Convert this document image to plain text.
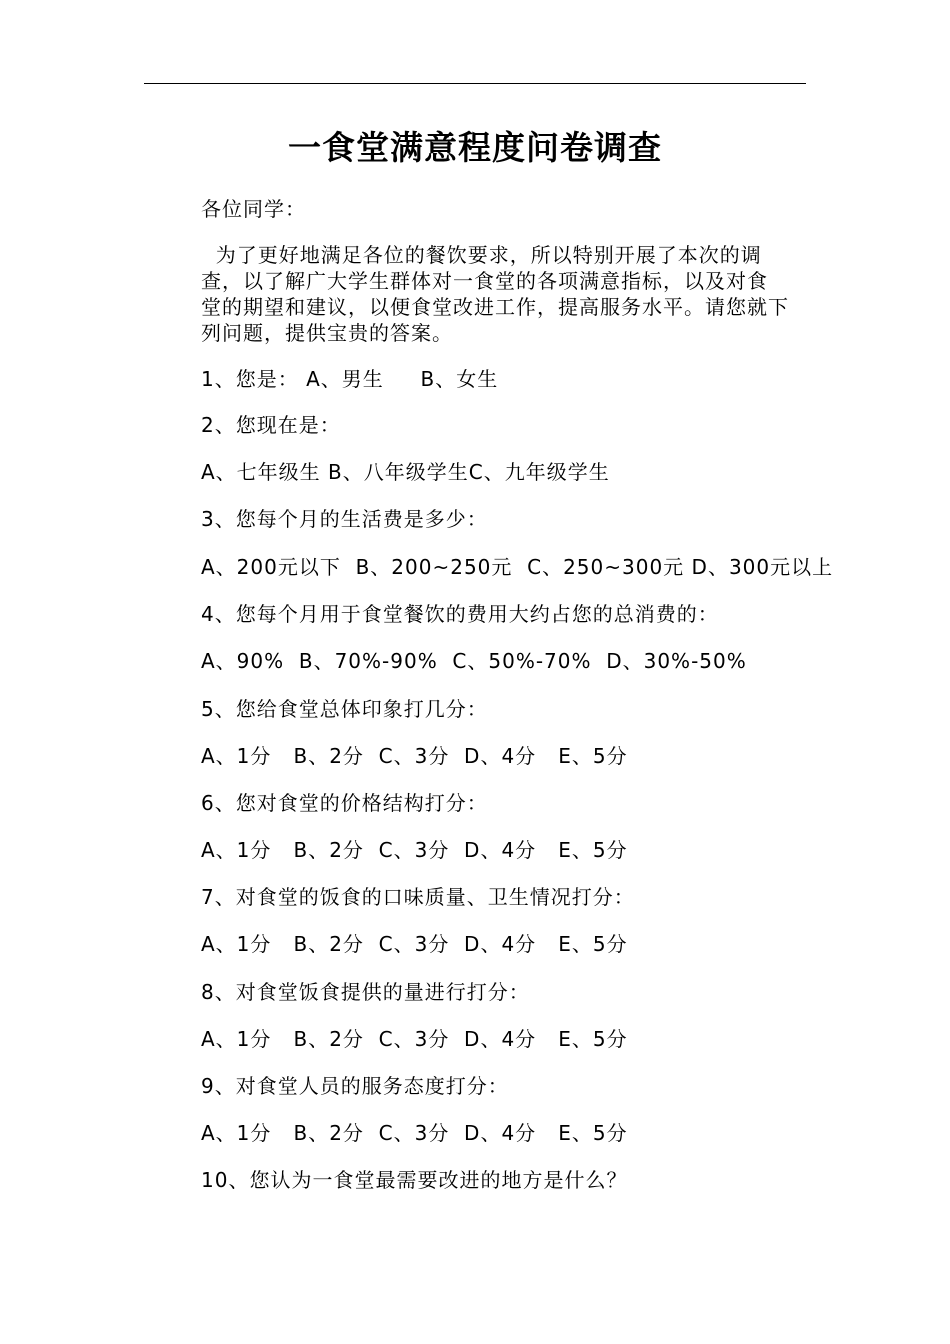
一食堂满意程度问卷调查
各位同学：
为了更好地满足各位的餐饮要求，所以特别开展了本次的调
查，以了解广大学生群体对一食堂的各项满意指标，以及对食
堂的期望和建议，以便食堂改进工作，提高服务水平。请您就下
列问题，提供宝贵的答案。
1、您是： A、男生     B、女生
2、您现在是：
A、七年级生 B、八年级学生C、九年级学生
3、您每个月的生活费是多少：
A、200元以下  B、200~250元  C、250~300元 D、300元以上
4、您每个月用于食堂餐饮的费用大约占您的总消费的：
A、90%  B、70%-90%  C、50%-70%  D、30%-50%
5、您给食堂总体印象打几分：
A、1分   B、2分  C、3分  D、4分   E、5分
6、您对食堂的价格结构打分：
A、1分   B、2分  C、3分  D、4分   E、5分
7、对食堂的饭食的口味质量、卫生情况打分：
A、1分   B、2分  C、3分  D、4分   E、5分
8、对食堂饭食提供的量进行打分：
A、1分   B、2分  C、3分  D、4分   E、5分
9、对食堂人员的服务态度打分：
A、1分   B、2分  C、3分  D、4分   E、5分
10、您认为一食堂最需要改进的地方是什么？
